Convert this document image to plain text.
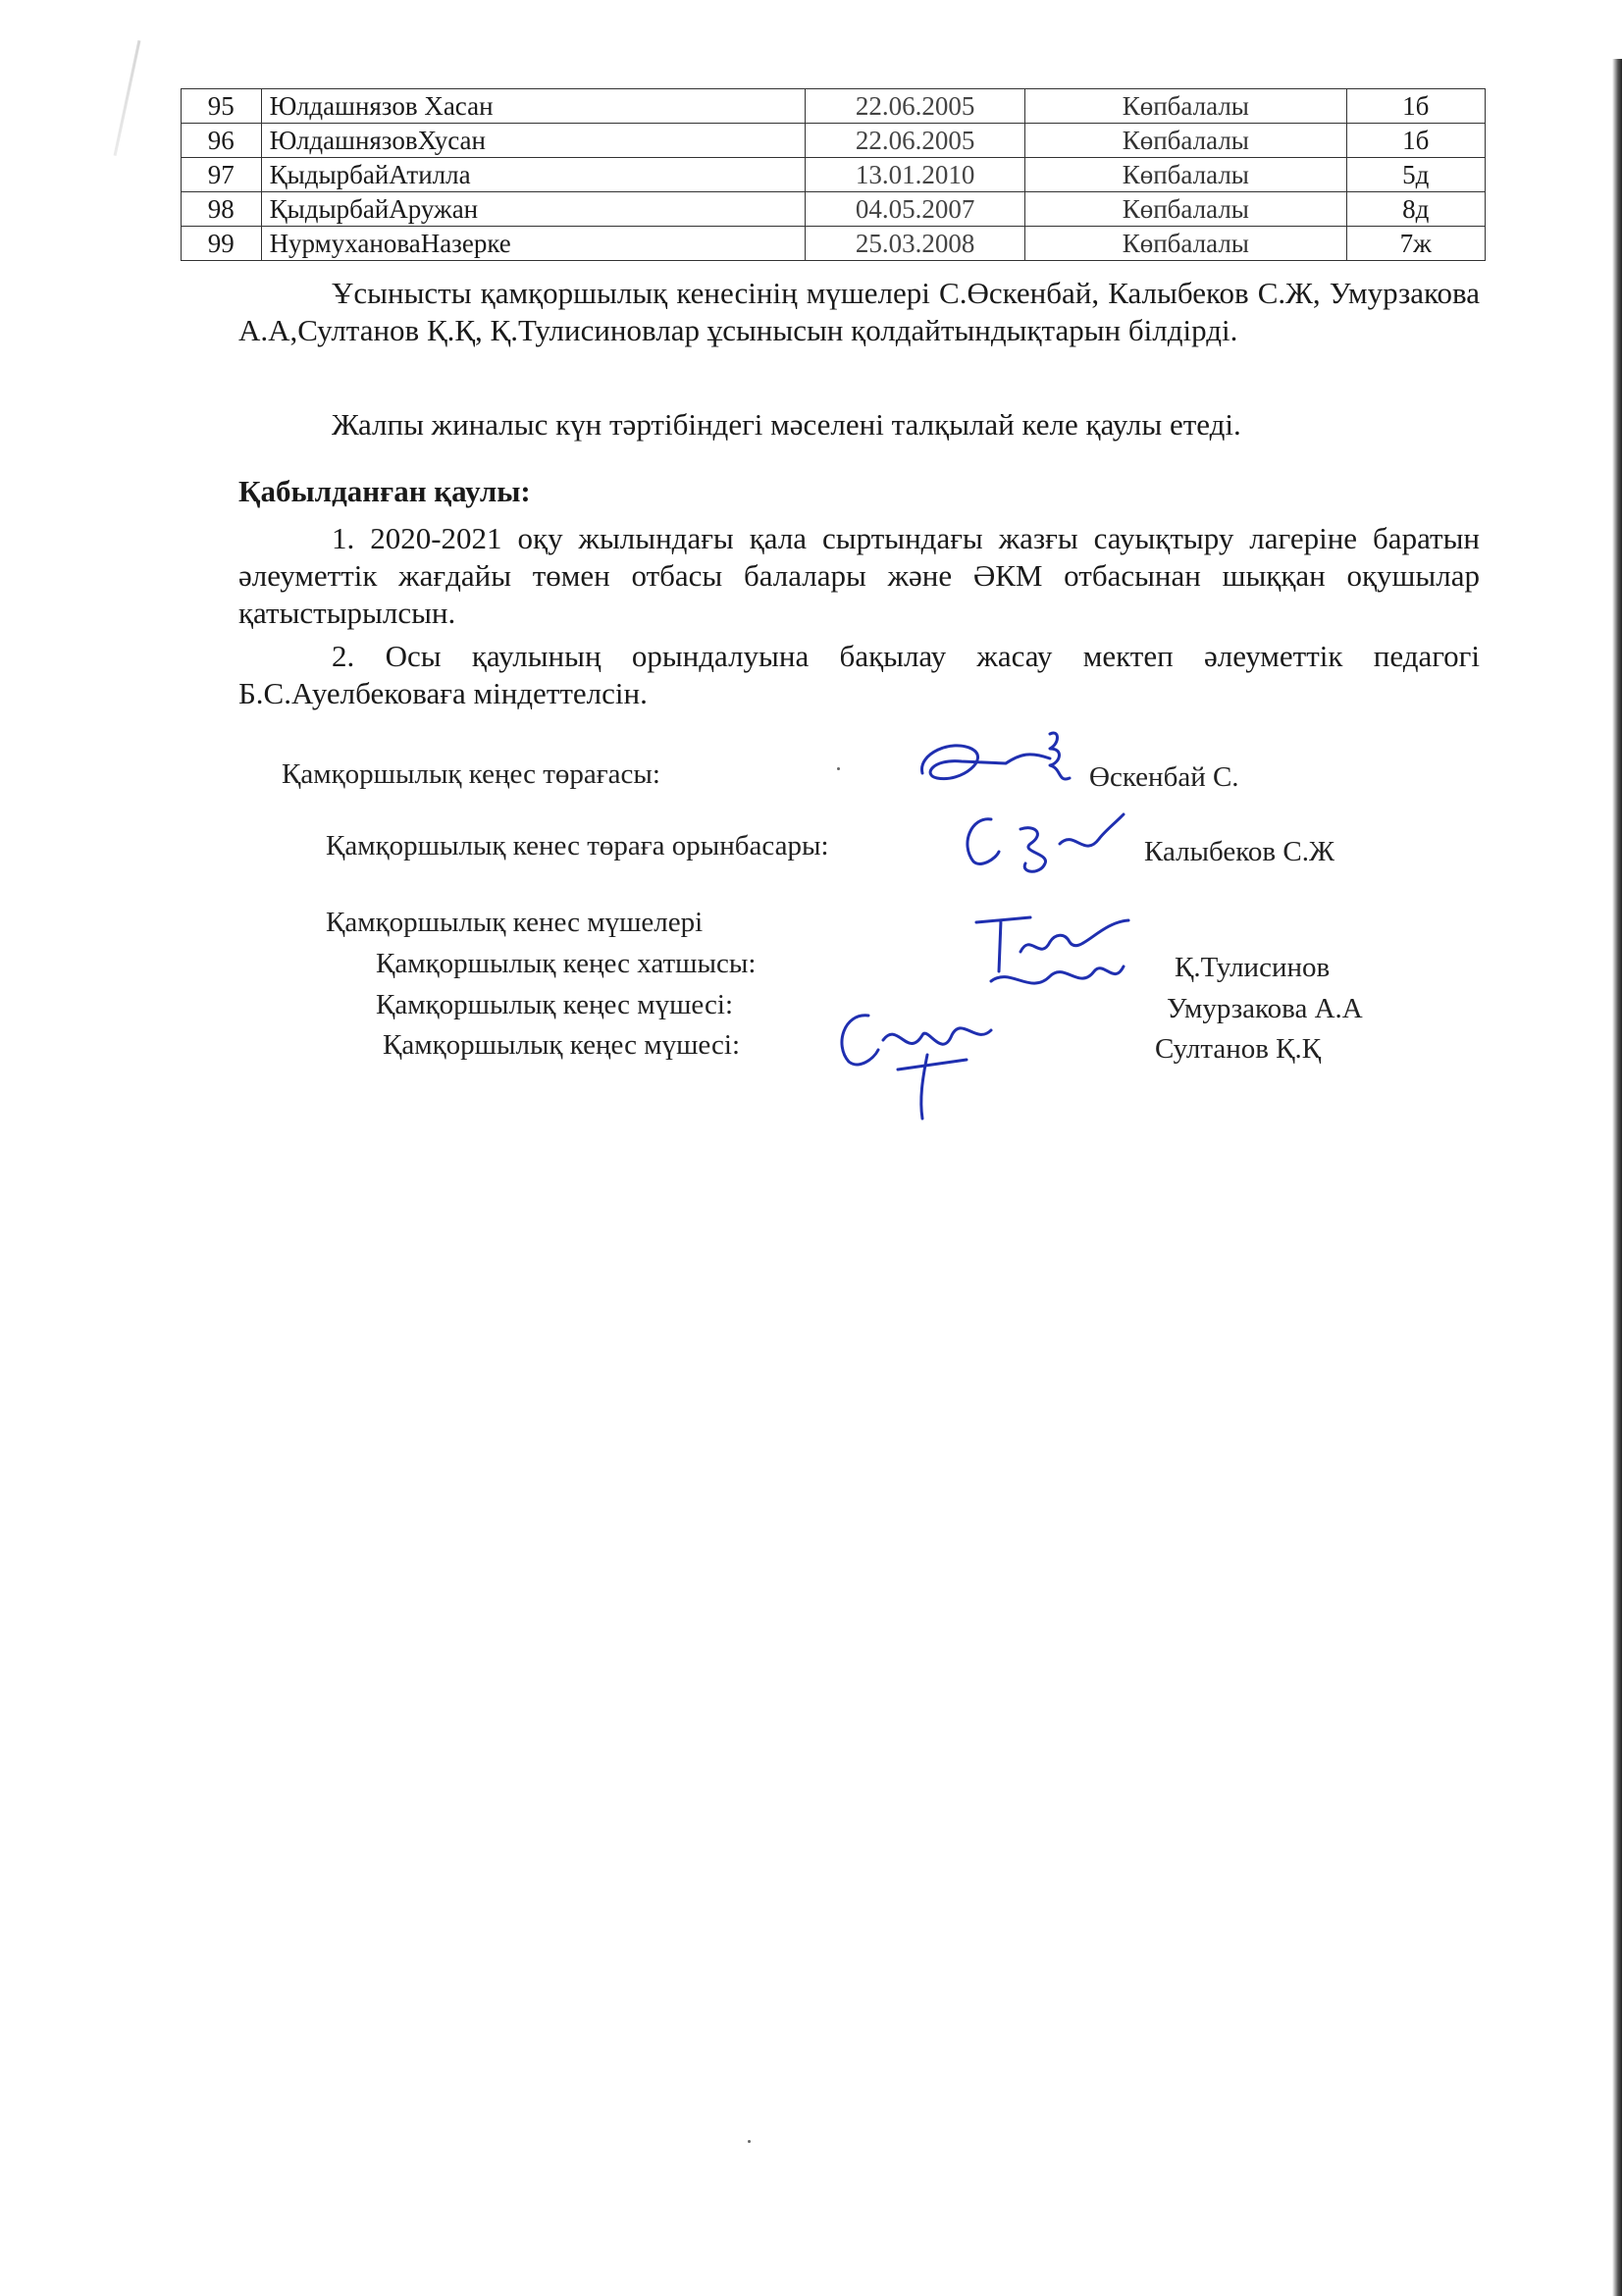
95	Юлдашнязов Хасан	22.06.2005	Көпбалалы	1б
96	ЮлдашнязовХусан	22.06.2005	Көпбалалы	1б
97	ҚыдырбайАтилла	13.01.2010	Көпбалалы	5д
98	ҚыдырбайАружан	04.05.2007	Көпбалалы	8д
99	НурмухановаНазерке	25.03.2008	Көпбалалы	7ж

Ұсынысты қамқоршылық кенесінің мүшелері С.Өскенбай, Калыбеков С.Ж, Умурзакова А.А,Султанов Қ.Қ, Қ.Тулисиновлар ұсынысын қолдайтындықтарын білдірді.

Жалпы жиналыс күн тәртібіндегі мәселені талқылай келе қаулы етеді.

Қабылданған қаулы:

1. 2020-2021 оқу жылындағы қала сыртындағы жазғы сауықтыру лагеріне баратын әлеуметтік жағдайы төмен отбасы балалары және ӘКМ отбасынан шыққан оқушылар қатыстырылсын.

2. Осы қаулының орындалуына бақылау жасау мектеп әлеуметтік педагогі Б.С.Ауелбековаға міндеттелсін.

Қамқоршылық кеңес төрағасы:	Өскенбай С.
Қамқоршылық кенес төраға орынбасары:	Калыбеков С.Ж
Қамқоршылық кенес мүшелері
Қамқоршылық кеңес хатшысы:	Қ.Тулисинов
Қамқоршылық кеңес мүшесі:	Умурзакова А.А
Қамқоршылық кеңес мүшесі:	Султанов Қ.Қ
